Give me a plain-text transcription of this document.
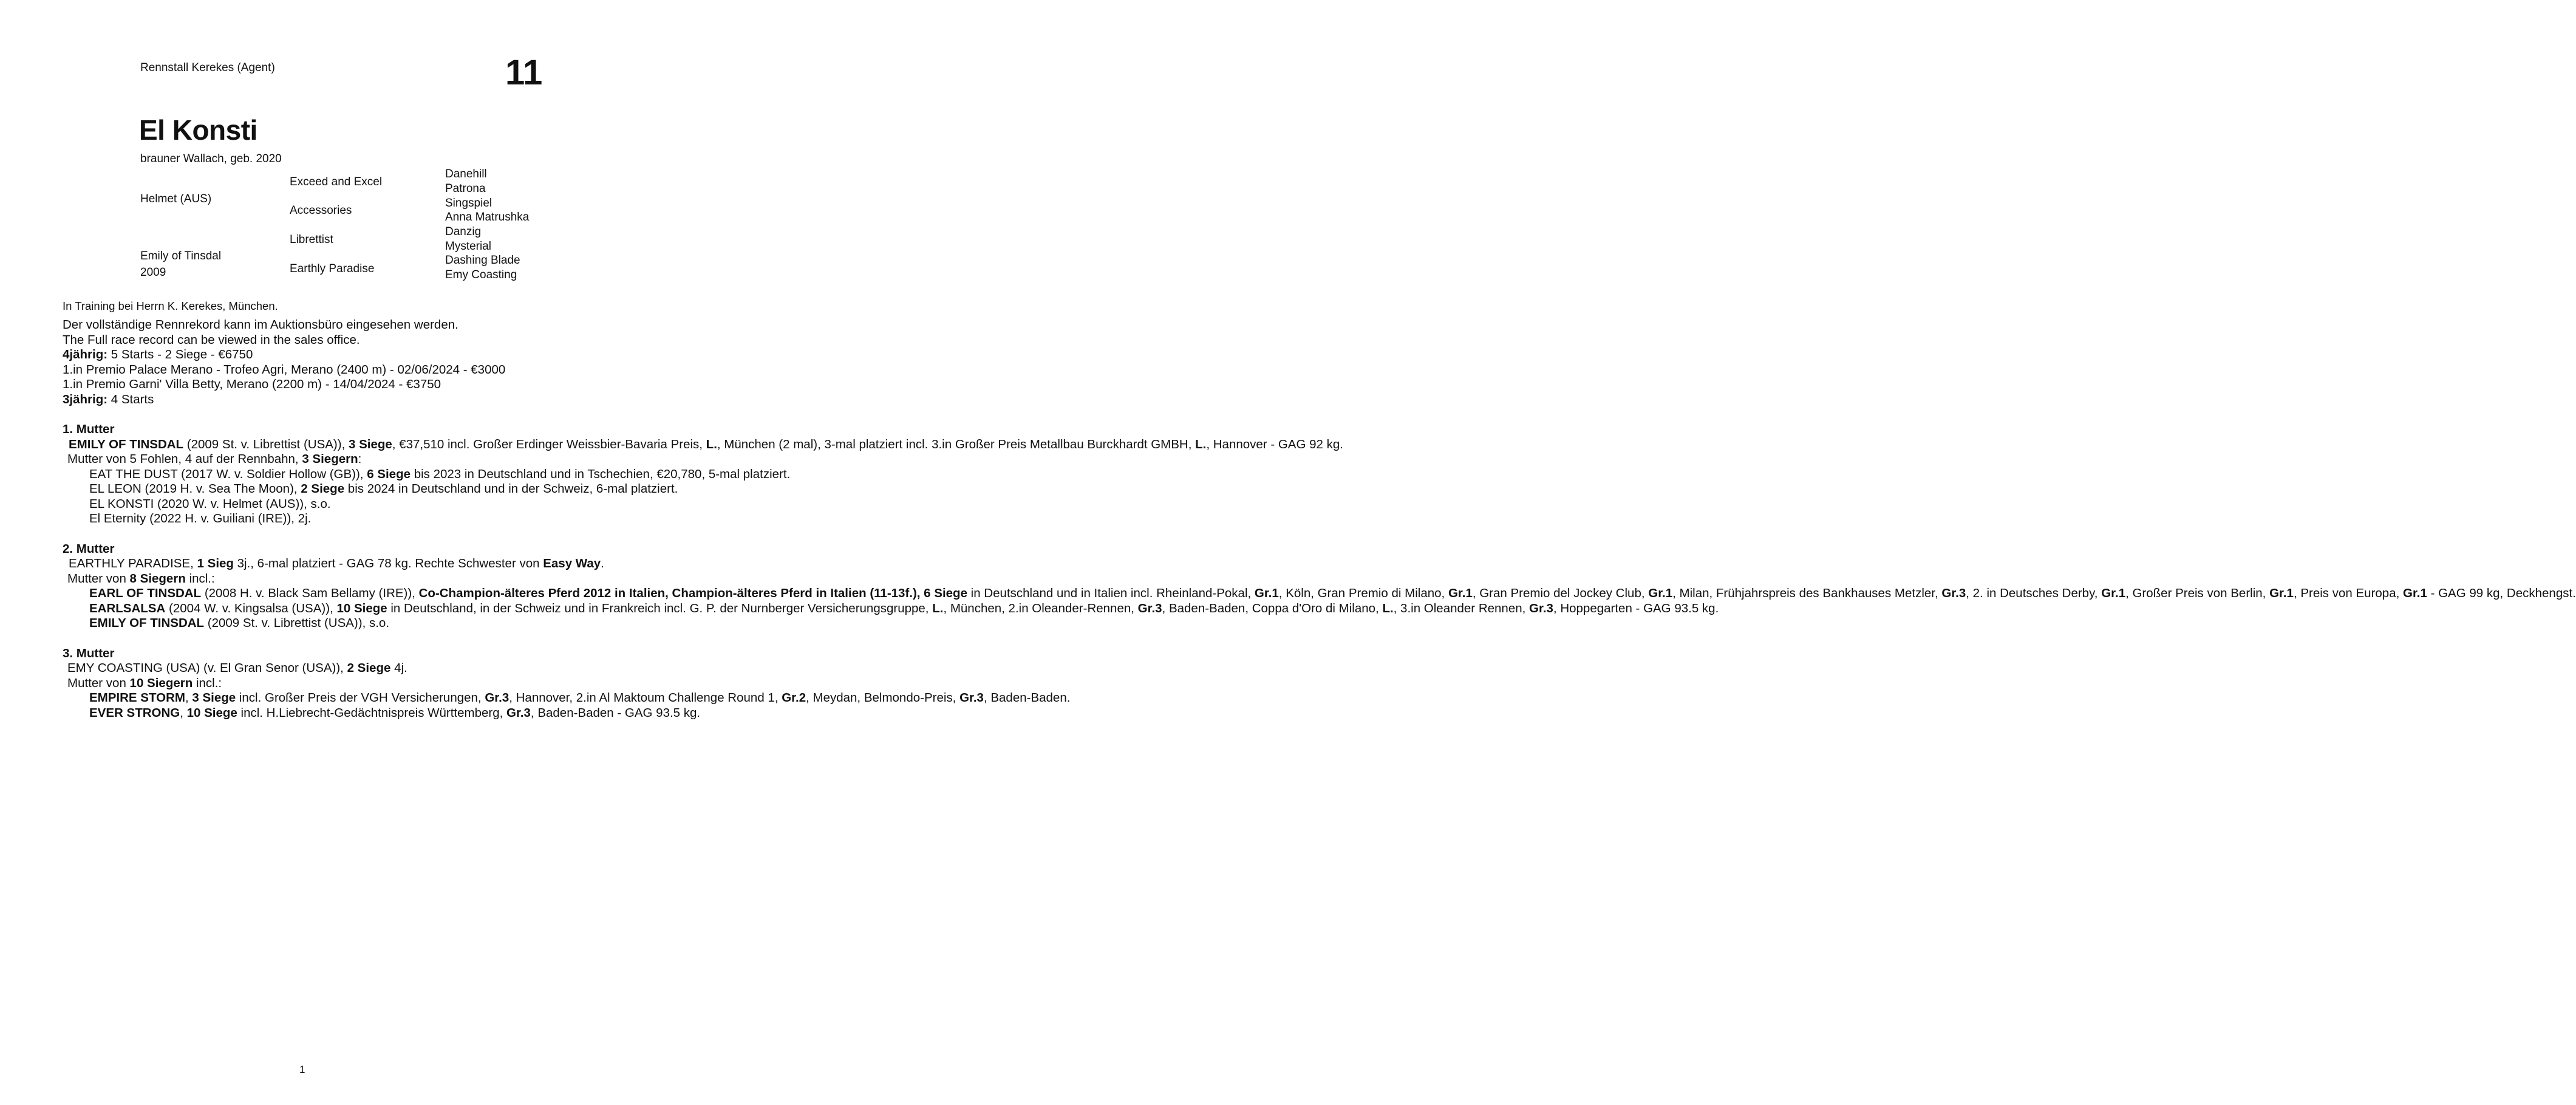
Rennstall Kerekes (Agent)	11
El Konsti
brauner Wallach, geb. 2020
Helmet (AUS)
Emily of Tinsdal
2009
Exceed and Excel
Accessories
Librettist
Earthly Paradise
Danehill
Patrona
Singspiel
Anna Matrushka
Danzig
Mysterial
Dashing Blade
Emy Coasting
In Training bei Herrn K. Kerekes, München.

Der vollständige Rennrekord kann im Auktionsbüro eingesehen werden.

The Full race record can be viewed in the sales office.

4jährig: 5 Starts - 2 Siege - €6750

1.in Premio Palace Merano - Trofeo Agri, Merano (2400 m) - 02/06/2024 - €3000

1.in Premio Garni' Villa Betty, Merano (2200 m) - 14/04/2024 - €3750

3jährig: 4 Starts

1. Mutter

EMILY OF TINSDAL (2009 St. v. Librettist (USA)), 3 Siege, €37,510 incl. Großer Erdinger Weissbier-Bavaria Preis, L., München (2 mal), 3-mal platziert incl. 3.in Großer Preis Metallbau Burckhardt GMBH, L., Hannover - GAG 92 kg.

Mutter von 5 Fohlen, 4 auf der Rennbahn, 3 Siegern:

EAT THE DUST (2017 W. v. Soldier Hollow (GB)), 6 Siege bis 2023 in Deutschland und in Tschechien, €20,780, 5-mal platziert.

EL LEON (2019 H. v. Sea The Moon), 2 Siege bis 2024 in Deutschland und in der Schweiz, 6-mal platziert.

EL KONSTI (2020 W. v. Helmet (AUS)), s.o.

El Eternity (2022 H. v. Guiliani (IRE)), 2j.

2. Mutter

EARTHLY PARADISE, 1 Sieg 3j., 6-mal platziert - GAG 78 kg. Rechte Schwester von Easy Way.

Mutter von 8 Siegern incl.:

EARL OF TINSDAL (2008 H. v. Black Sam Bellamy (IRE)), Co-Champion-älteres Pferd 2012 in Italien, Champion-älteres Pferd in Italien (11-13f.), 6 Siege in Deutschland und in Italien incl. Rheinland-Pokal, Gr.1, Köln, Gran Premio di Milano, Gr.1, Gran Premio del Jockey Club, Gr.1, Milan, Frühjahrspreis des Bankhauses Metzler, Gr.3, 2. in Deutsches Derby, Gr.1, Großer Preis von Berlin, Gr.1, Preis von Europa, Gr.1 - GAG 99 kg, Deckhengst.

EARLSALSA (2004 W. v. Kingsalsa (USA)), 10 Siege in Deutschland, in der Schweiz und in Frankreich incl. G. P. der Nurnberger Versicherungsgruppe, L., München, 2.in Oleander-Rennen, Gr.3, Baden-Baden, Coppa d'Oro di Milano, L., 3.in Oleander Rennen, Gr.3, Hoppegarten - GAG 93.5 kg.

EMILY OF TINSDAL (2009 St. v. Librettist (USA)), s.o.

3. Mutter

EMY COASTING (USA) (v. El Gran Senor (USA)), 2 Siege 4j.

Mutter von 10 Siegern incl.:

EMPIRE STORM, 3 Siege incl. Großer Preis der VGH Versicherungen, Gr.3, Hannover, 2.in Al Maktoum Challenge Round 1, Gr.2, Meydan, Belmondo-Preis, Gr.3, Baden-Baden.

EVER STRONG, 10 Siege incl. H.Liebrecht-Gedächtnispreis Württemberg, Gr.3, Baden-Baden - GAG 93.5 kg.

1
